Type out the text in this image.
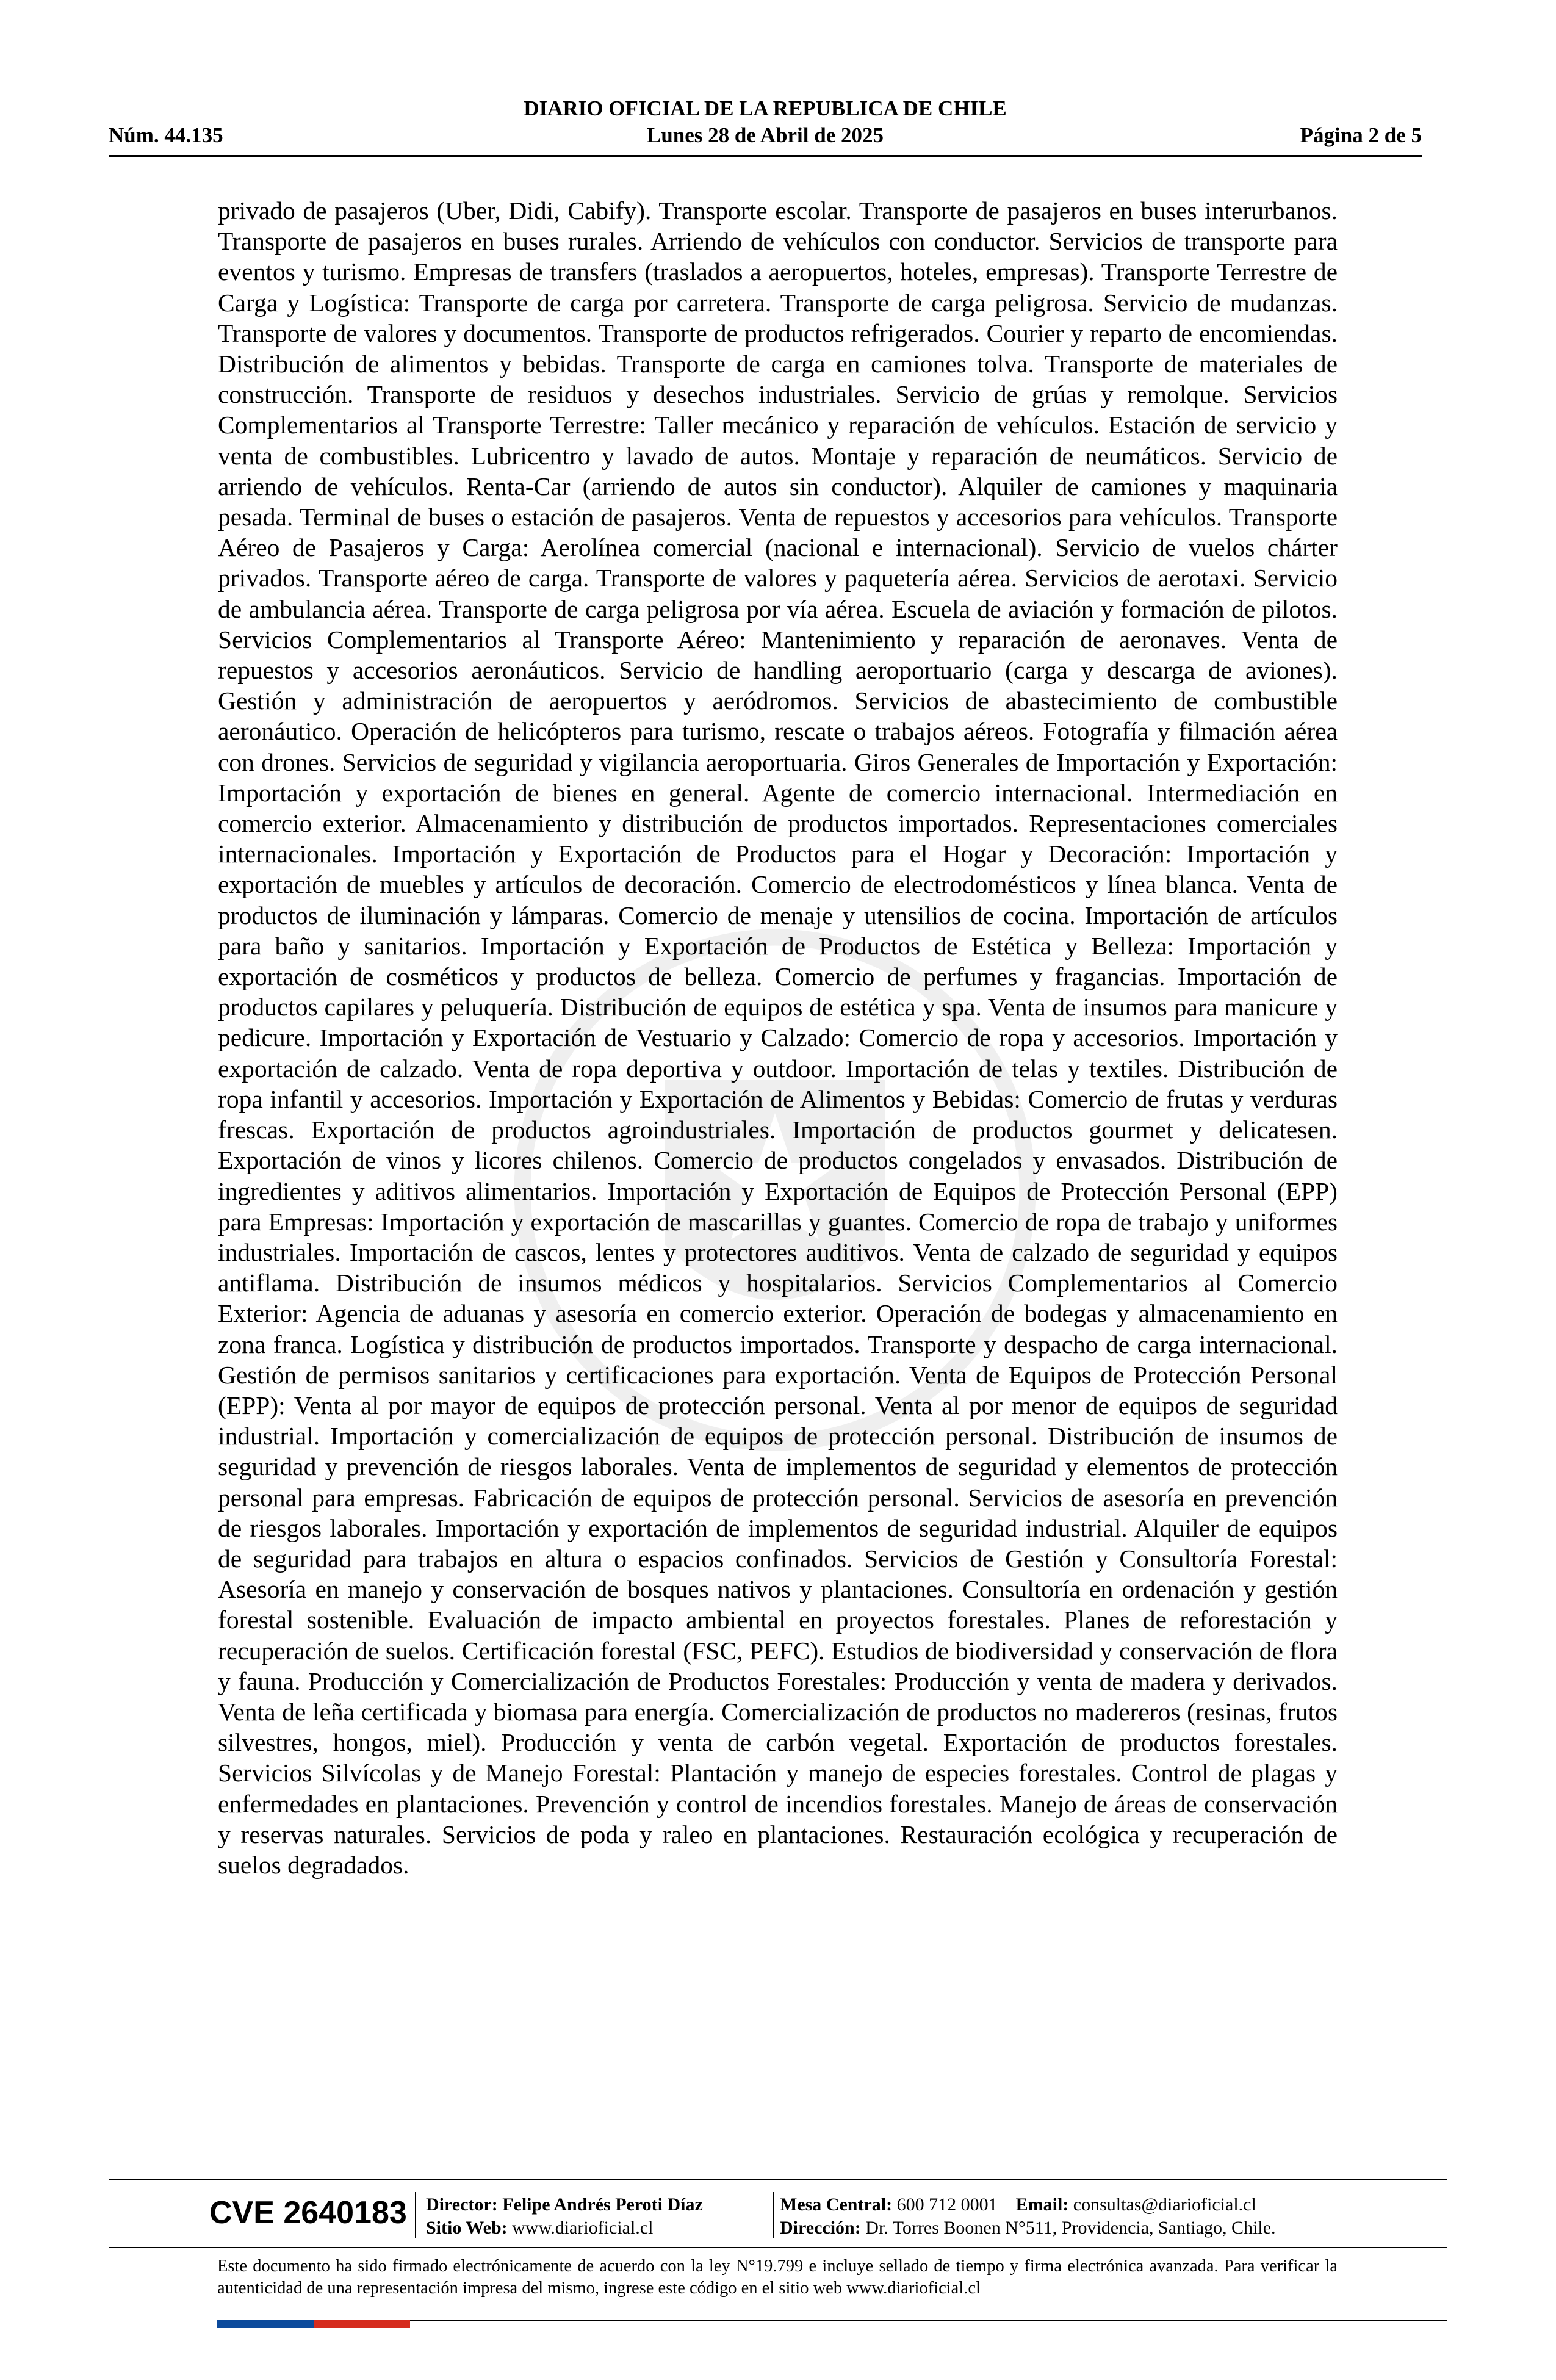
DIARIO OFICIAL DE LA REPUBLICA DE CHILE
Núm. 44.135	Lunes 28 de Abril de 2025	Página 2 de 5
privado de pasajeros (Uber, Didi, Cabify). Transporte escolar. Transporte de pasajeros en buses interurbanos. Transporte de pasajeros en buses rurales. Arriendo de vehículos con conductor. Servicios de transporte para eventos y turismo. Empresas de transfers (traslados a aeropuertos, hoteles, empresas). Transporte Terrestre de Carga y Logística: Transporte de carga por carretera. Transporte de carga peligrosa. Servicio de mudanzas. Transporte de valores y documentos. Transporte de productos refrigerados. Courier y reparto de encomiendas. Distribución de alimentos y bebidas. Transporte de carga en camiones tolva. Transporte de materiales de construcción. Transporte de residuos y desechos industriales. Servicio de grúas y remolque. Servicios Complementarios al Transporte Terrestre: Taller mecánico y reparación de vehículos. Estación de servicio y venta de combustibles. Lubricentro y lavado de autos. Montaje y reparación de neumáticos. Servicio de arriendo de vehículos. Renta-Car (arriendo de autos sin conductor). Alquiler de camiones y maquinaria pesada. Terminal de buses o estación de pasajeros. Venta de repuestos y accesorios para vehículos. Transporte Aéreo de Pasajeros y Carga: Aerolínea comercial (nacional e internacional). Servicio de vuelos chárter privados. Transporte aéreo de carga. Transporte de valores y paquetería aérea. Servicios de aerotaxi. Servicio de ambulancia aérea. Transporte de carga peligrosa por vía aérea. Escuela de aviación y formación de pilotos. Servicios Complementarios al Transporte Aéreo: Mantenimiento y reparación de aeronaves. Venta de repuestos y accesorios aeronáuticos. Servicio de handling aeroportuario (carga y descarga de aviones). Gestión y administración de aeropuertos y aeródromos. Servicios de abastecimiento de combustible aeronáutico. Operación de helicópteros para turismo, rescate o trabajos aéreos. Fotografía y filmación aérea con drones. Servicios de seguridad y vigilancia aeroportuaria. Giros Generales de Importación y Exportación: Importación y exportación de bienes en general. Agente de comercio internacional. Intermediación en comercio exterior. Almacenamiento y distribución de productos importados. Representaciones comerciales internacionales. Importación y Exportación de Productos para el Hogar y Decoración: Importación y exportación de muebles y artículos de decoración. Comercio de electrodomésticos y línea blanca. Venta de productos de iluminación y lámparas. Comercio de menaje y utensilios de cocina. Importación de artículos para baño y sanitarios. Importación y Exportación de Productos de Estética y Belleza: Importación y exportación de cosméticos y productos de belleza. Comercio de perfumes y fragancias. Importación de productos capilares y peluquería. Distribución de equipos de estética y spa. Venta de insumos para manicure y pedicure. Importación y Exportación de Vestuario y Calzado: Comercio de ropa y accesorios. Importación y exportación de calzado. Venta de ropa deportiva y outdoor. Importación de telas y textiles. Distribución de ropa infantil y accesorios. Importación y Exportación de Alimentos y Bebidas: Comercio de frutas y verduras frescas. Exportación de productos agroindustriales. Importación de productos gourmet y delicatesen. Exportación de vinos y licores chilenos. Comercio de productos congelados y envasados. Distribución de ingredientes y aditivos alimentarios. Importación y Exportación de Equipos de Protección Personal (EPP) para Empresas: Importación y exportación de mascarillas y guantes. Comercio de ropa de trabajo y uniformes industriales. Importación de cascos, lentes y protectores auditivos. Venta de calzado de seguridad y equipos antiflama. Distribución de insumos médicos y hospitalarios. Servicios Complementarios al Comercio Exterior: Agencia de aduanas y asesoría en comercio exterior. Operación de bodegas y almacenamiento en zona franca. Logística y distribución de productos importados. Transporte y despacho de carga internacional. Gestión de permisos sanitarios y certificaciones para exportación. Venta de Equipos de Protección Personal (EPP): Venta al por mayor de equipos de protección personal. Venta al por menor de equipos de seguridad industrial. Importación y comercialización de equipos de protección personal. Distribución de insumos de seguridad y prevención de riesgos laborales. Venta de implementos de seguridad y elementos de protección personal para empresas. Fabricación de equipos de protección personal. Servicios de asesoría en prevención de riesgos laborales. Importación y exportación de implementos de seguridad industrial. Alquiler de equipos de seguridad para trabajos en altura o espacios confinados. Servicios de Gestión y Consultoría Forestal: Asesoría en manejo y conservación de bosques nativos y plantaciones. Consultoría en ordenación y gestión forestal sostenible. Evaluación de impacto ambiental en proyectos forestales. Planes de reforestación y recuperación de suelos. Certificación forestal (FSC, PEFC). Estudios de biodiversidad y conservación de flora y fauna. Producción y Comercialización de Productos Forestales: Producción y venta de madera y derivados. Venta de leña certificada y biomasa para energía. Comercialización de productos no madereros (resinas, frutos silvestres, hongos, miel). Producción y venta de carbón vegetal. Exportación de productos forestales. Servicios Silvícolas y de Manejo Forestal: Plantación y manejo de especies forestales. Control de plagas y enfermedades en plantaciones. Prevención y control de incendios forestales. Manejo de áreas de conservación y reservas naturales. Servicios de poda y raleo en plantaciones. Restauración ecológica y recuperación de suelos degradados.
CVE 2640183 Director: Felipe Andrés Peroti Díaz
Sitio Web: www.diarioficial.cl
Mesa Central: 600 712 0001 Email: consultas@diarioficial.cl
Dirección: Dr. Torres Boonen N°511, Providencia, Santiago, Chile.
Este documento ha sido firmado electrónicamente de acuerdo con la ley N°19.799 e incluye sellado de tiempo y firma electrónica avanzada. Para verificar la autenticidad de una representación impresa del mismo, ingrese este código en el sitio web www.diarioficial.cl
